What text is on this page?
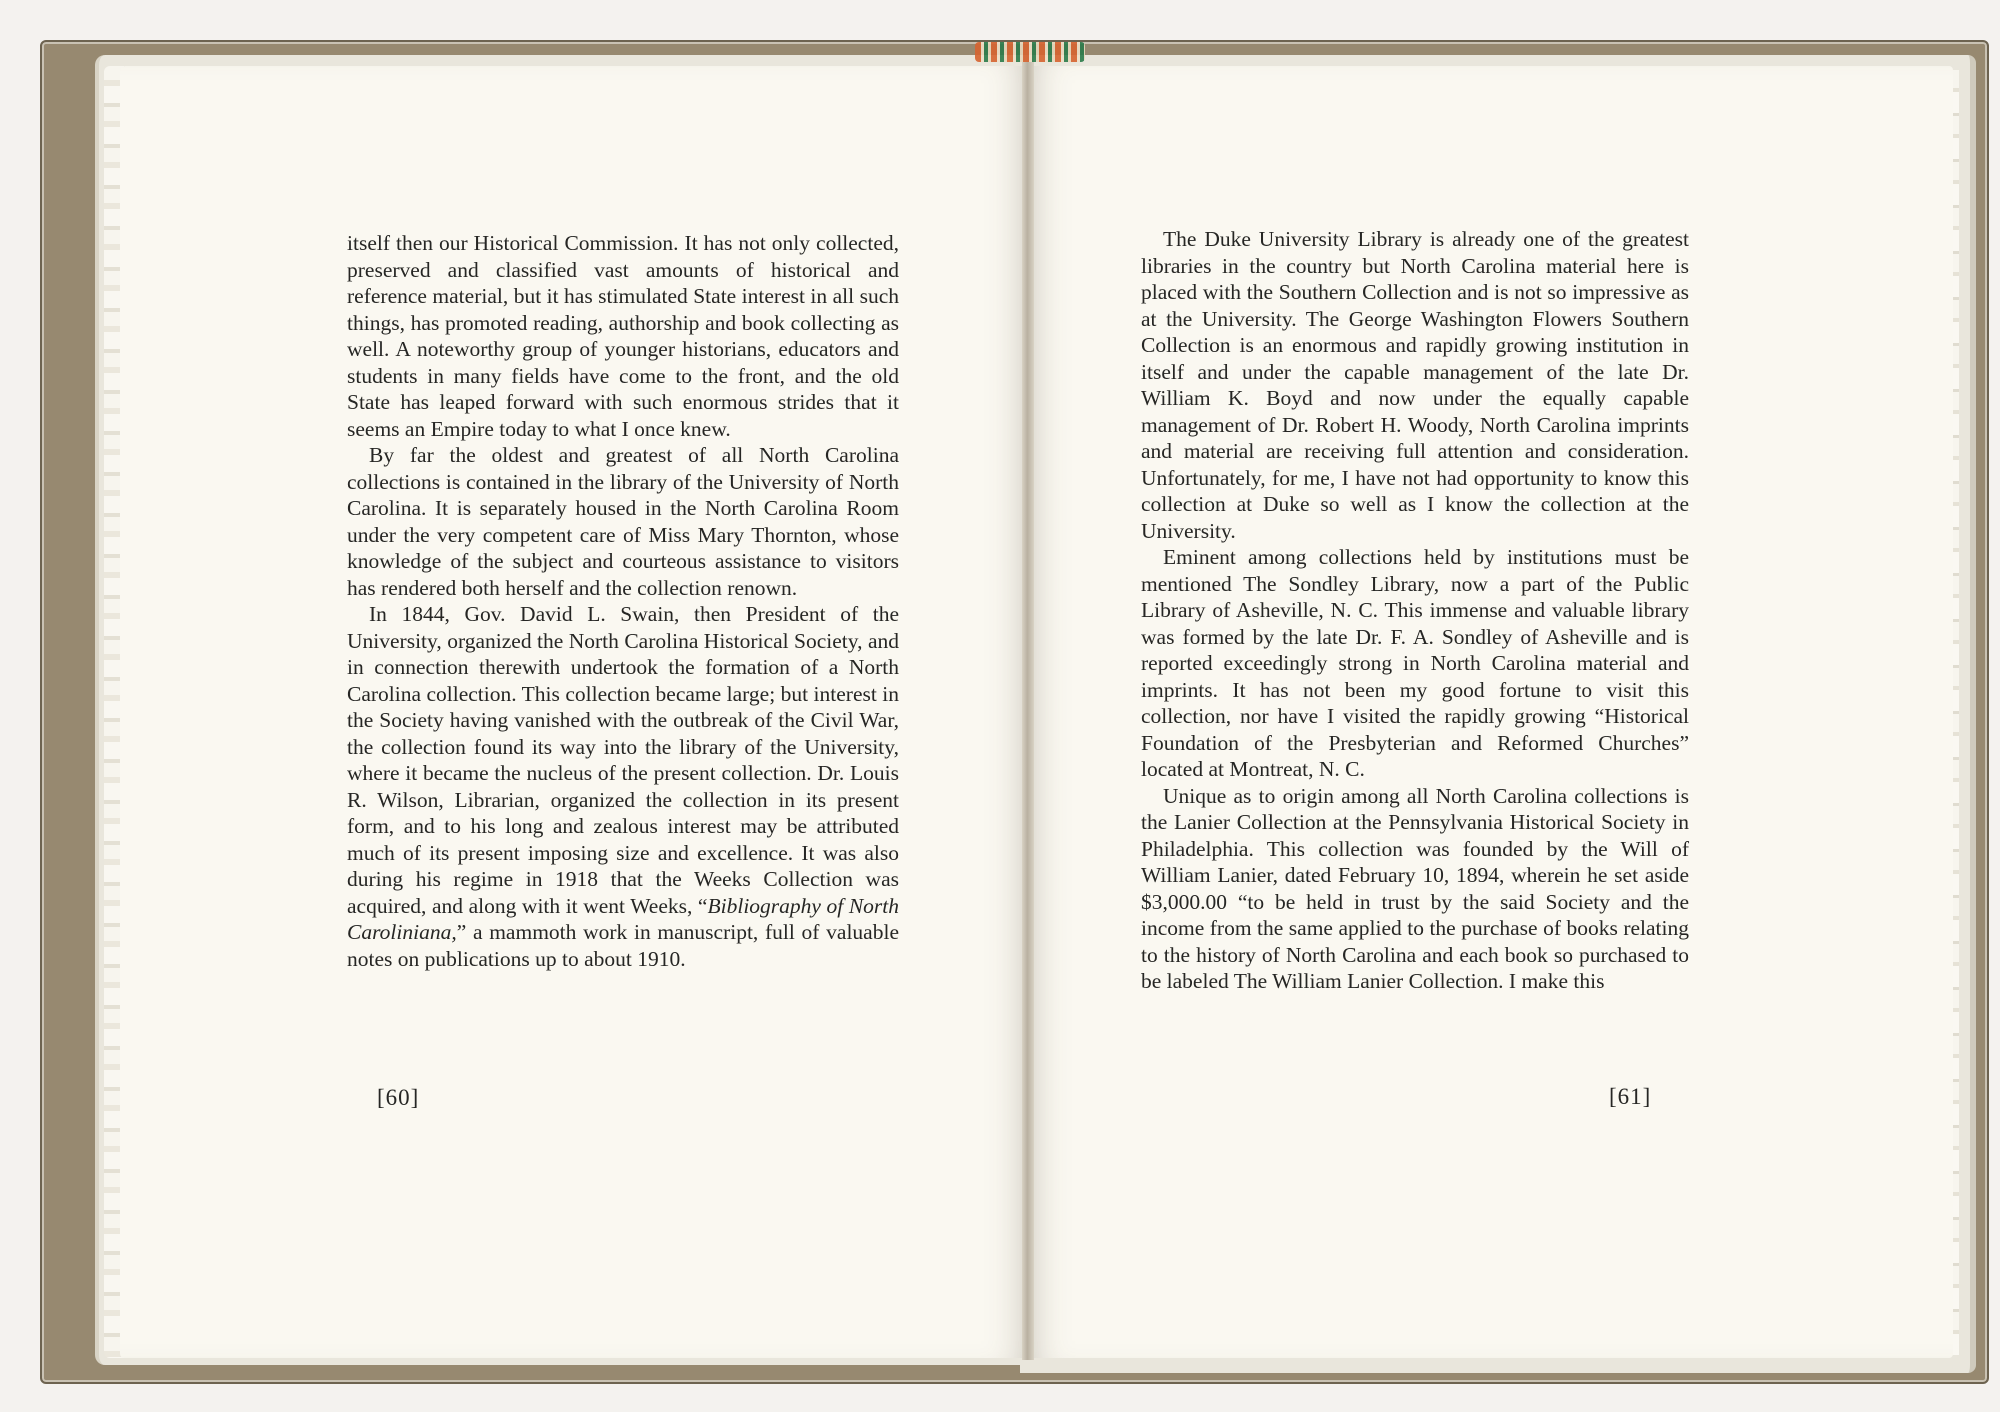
itself then our Historical Commission. It has not only collected, preserved and classified vast amounts of historical and reference material, but it has stimulated State interest in all such things, has promoted reading, authorship and book collecting as well. A noteworthy group of younger historians, educators and students in many fields have come to the front, and the old State has leaped forward with such enormous strides that it seems an Empire today to what I once knew.

By far the oldest and greatest of all North Carolina collections is contained in the library of the University of North Carolina. It is separately housed in the North Carolina Room under the very competent care of Miss Mary Thornton, whose knowledge of the subject and courteous assistance to visitors has rendered both herself and the collection renown.

In 1844, Gov. David L. Swain, then President of the University, organized the North Carolina Historical Society, and in connection therewith undertook the formation of a North Carolina collection. This collection became large; but interest in the Society having vanished with the outbreak of the Civil War, the collection found its way into the library of the University, where it became the nucleus of the present collection. Dr. Louis R. Wilson, Librarian, organized the collection in its present form, and to his long and zealous interest may be attributed much of its present imposing size and excellence. It was also during his regime in 1918 that the Weeks Collection was acquired, and along with it went Weeks, “Bibliography of North Caroliniana,” a mammoth work in manuscript, full of valuable notes on publications up to about 1910.

[60]

The Duke University Library is already one of the greatest libraries in the country but North Carolina material here is placed with the Southern Collection and is not so impressive as at the University. The George Washington Flowers Southern Collection is an enormous and rapidly growing institution in itself and under the capable management of the late Dr. William K. Boyd and now under the equally capable management of Dr. Robert H. Woody, North Carolina imprints and material are receiving full attention and consideration. Unfortunately, for me, I have not had opportunity to know this collection at Duke so well as I know the collection at the University.

Eminent among collections held by institutions must be mentioned The Sondley Library, now a part of the Public Library of Asheville, N. C. This immense and valuable library was formed by the late Dr. F. A. Sondley of Asheville and is reported exceedingly strong in North Carolina material and imprints. It has not been my good fortune to visit this collection, nor have I visited the rapidly growing “Historical Foundation of the Presbyterian and Reformed Churches” located at Montreat, N. C.

Unique as to origin among all North Carolina collections is the Lanier Collection at the Pennsylvania Historical Society in Philadelphia. This collection was founded by the Will of William Lanier, dated February 10, 1894, wherein he set aside $3,000.00 “to be held in trust by the said Society and the income from the same applied to the purchase of books relating to the history of North Carolina and each book so purchased to be labeled The William Lanier Collection. I make this

[61]
